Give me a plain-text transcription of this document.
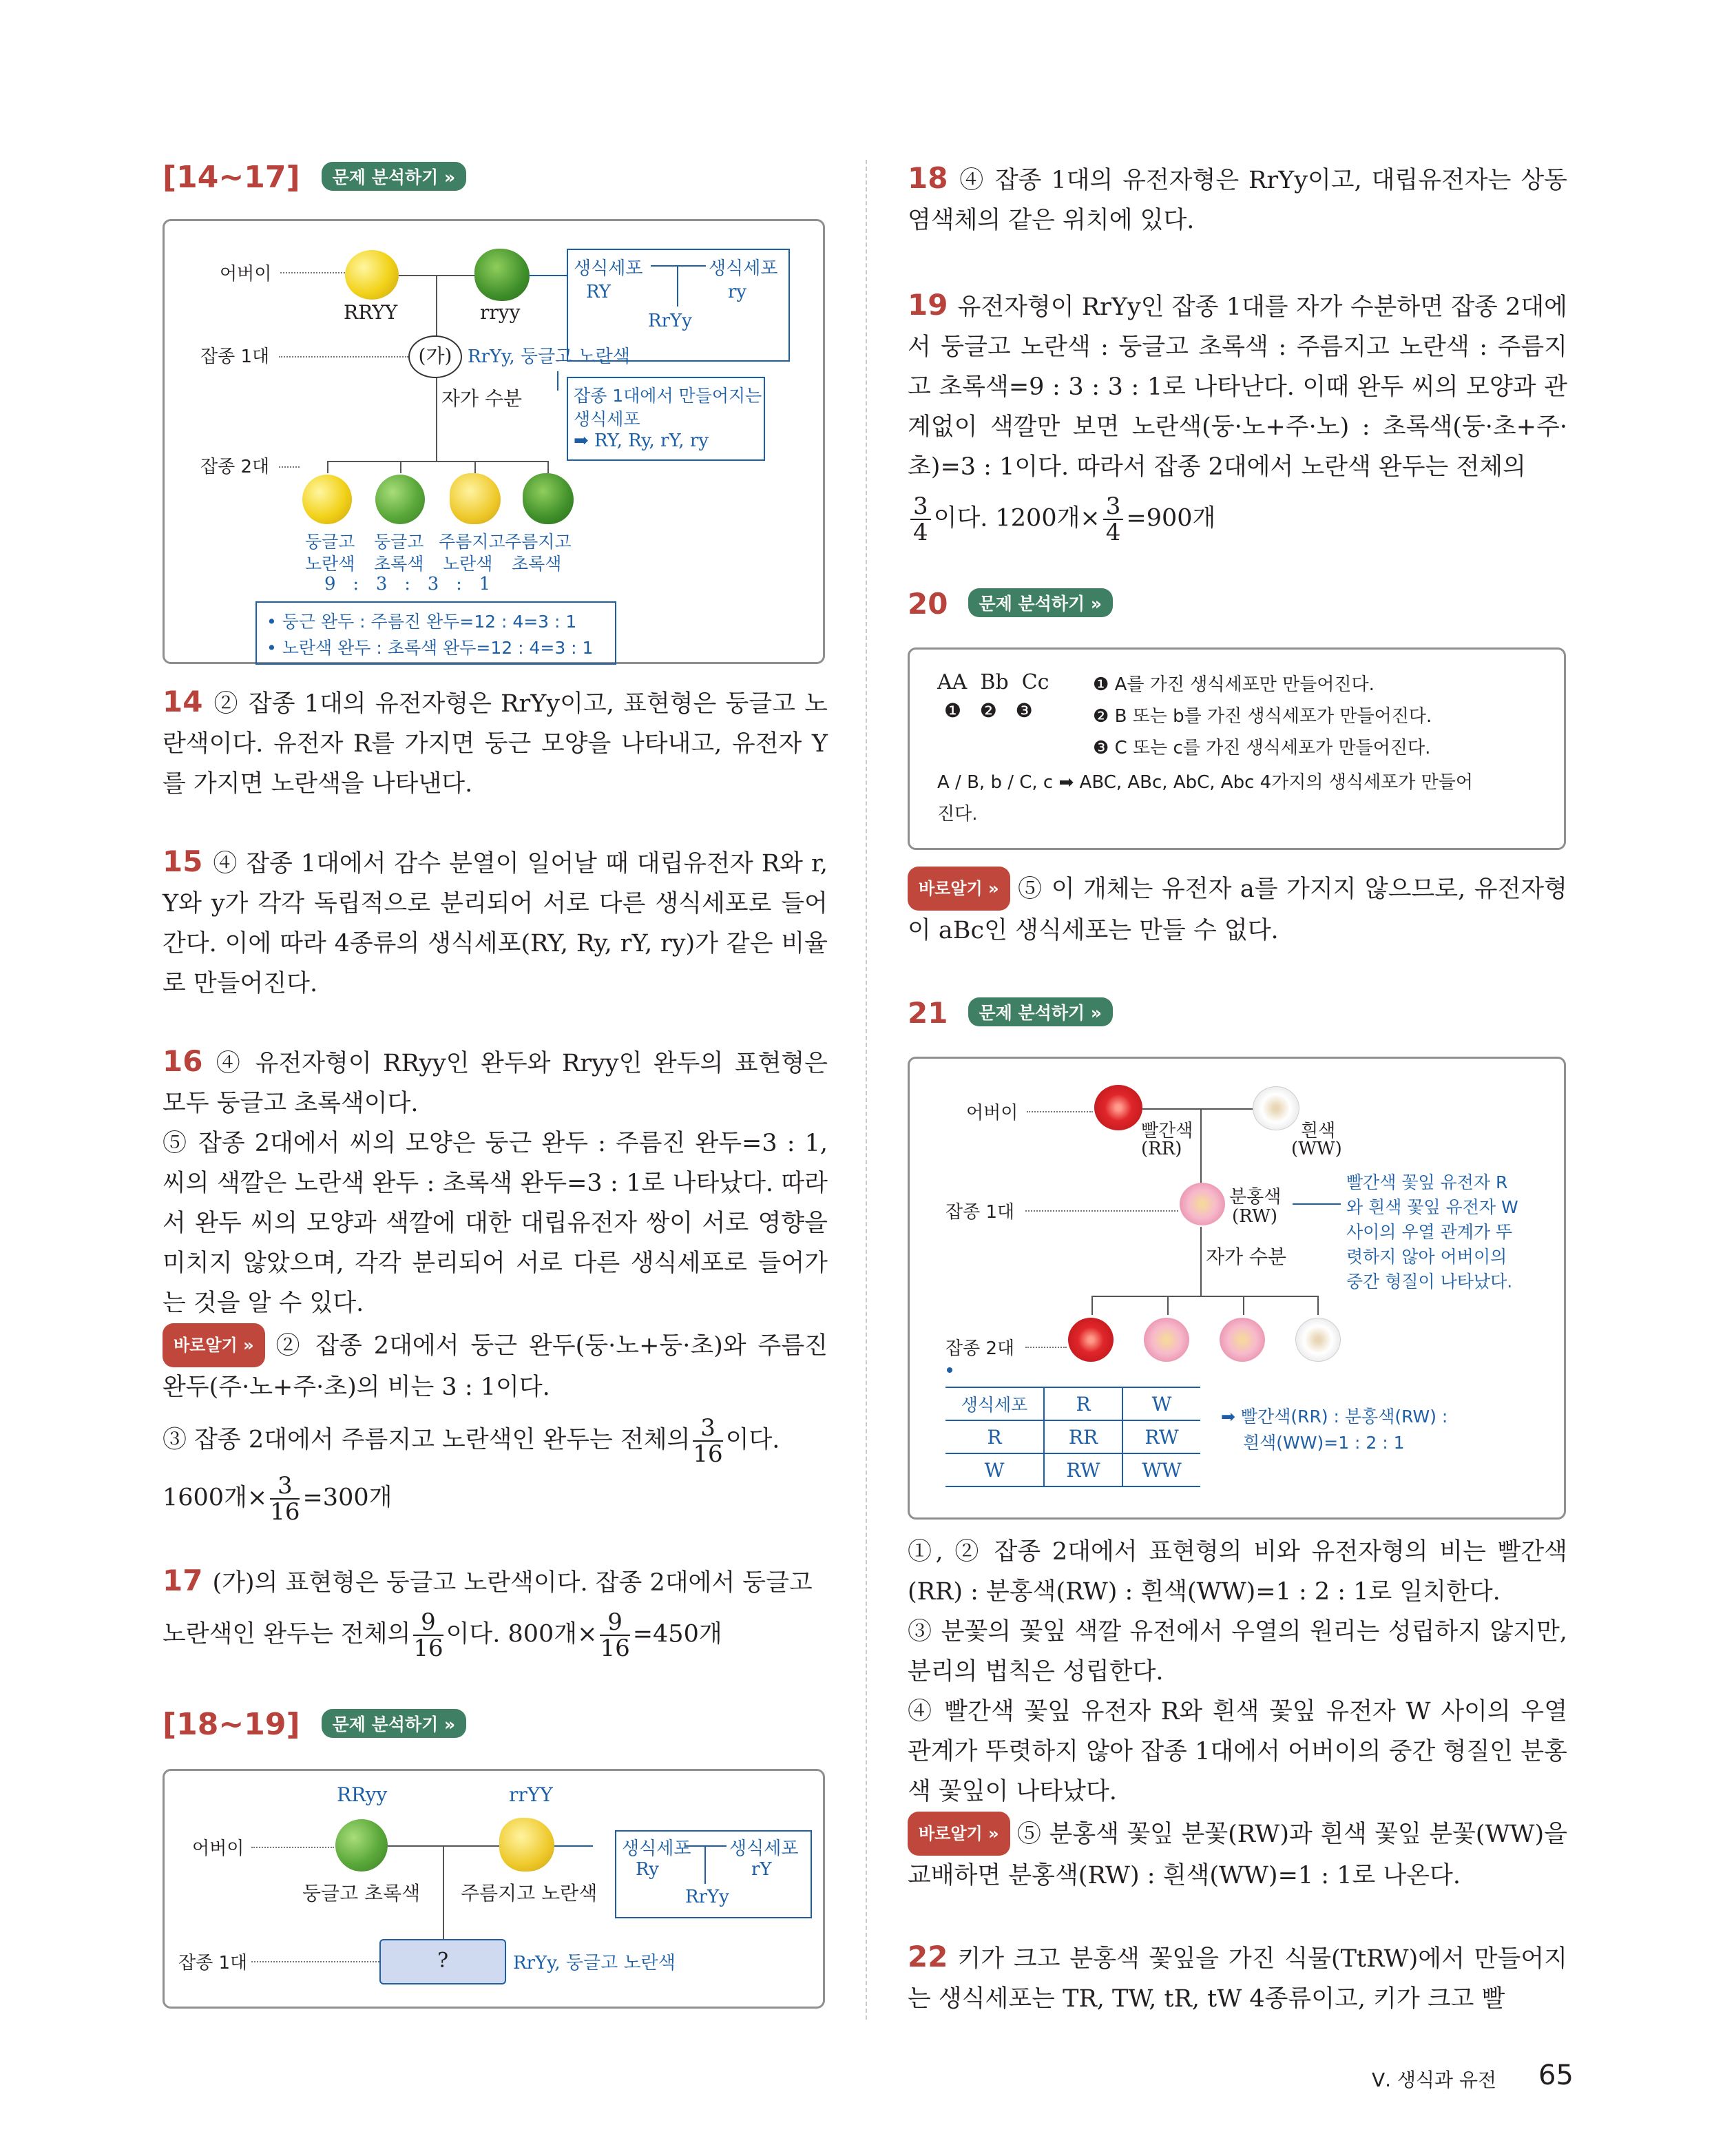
[14~17] 문제 분석하기 »
어버이
RRYY	rryy
생식세포	생식세포
RY	ry
RrYy
잡종 1대	(가) RrYy, 둥글고 노란색
자가 수분	잡종 1대에서 만들어지는
생식세포
➡ RY, Ry, rY, ry
잡종 2대
둥글고
노란색
둥글고
초록색
주름지고
노란색
주름지고
초록색
9   :   3   :   3   :   1
• 둥근 완두 : 주름진 완두=12 : 4=3 : 1
• 노란색 완두 : 초록색 완두=12 : 4=3 : 1
14 ② 잡종 1대의 유전자형은 RrYy이고, 표현형은 둥글고 노란색이다. 유전자 R를 가지면 둥근 모양을 나타내고, 유전자 Y를 가지면 노란색을 나타낸다.
15 ④ 잡종 1대에서 감수 분열이 일어날 때 대립유전자 R와 r, Y와 y가 각각 독립적으로 분리되어 서로 다른 생식세포로 들어간다. 이에 따라 4종류의 생식세포(RY, Ry, rY, ry)가 같은 비율로 만들어진다.
16 ④ 유전자형이 RRyy인 완두와 Rryy인 완두의 표현형은 모두 둥글고 초록색이다.
⑤ 잡종 2대에서 씨의 모양은 둥근 완두 : 주름진 완두=3 : 1, 씨의 색깔은 노란색 완두 : 초록색 완두=3 : 1로 나타났다. 따라서 완두 씨의 모양과 색깔에 대한 대립유전자 쌍이 서로 영향을 미치지 않았으며, 각각 분리되어 서로 다른 생식세포로 들어가는 것을 알 수 있다.
바로알기 » ② 잡종 2대에서 둥근 완두(둥·노+둥·초)와 주름진 완두(주·노+주·초)의 비는 3 : 1이다.
③ 잡종 2대에서 주름지고 노란색인 완두는 전체의 $\frac{3}{16}$ 이다.
1600개× $\frac{3}{16} =300$개
17 (가)의 표현형은 둥글고 노란색이다. 잡종 2대에서 둥글고
노란색인 완두는 전체의 $\frac{9}{16}$ 이다. 800개× $\frac{9}{16} =450$개
[18~19] 문제 분석하기 »
RRyy	rrYY
어버이
둥글고 초록색 주름지고 노란색
생식세포 생식세포
Ry	rY
RrYy
잡종 1대	?	RrYy, 둥글고 노란색
18 ④ 잡종 1대의 유전자형은 RrYy이고, 대립유전자는 상동 염색체의 같은 위치에 있다.
19 유전자형이 RrYy인 잡종 1대를 자가 수분하면 잡종 2대에서 둥글고 노란색 : 둥글고 초록색 : 주름지고 노란색 : 주름지고 초록색=9 : 3 : 3 : 1로 나타난다. 이때 완두 씨의 모양과 관계없이 색깔만 보면 노란색(둥·노+주·노) : 초록색(둥·초+주·초)=3 : 1이다. 따라서 잡종 2대에서 노란색 완두는 전체의
$\frac{3}{4}$ 이다. 1200개× $\frac{3}{4} =900$개
20 문제 분석하기 »
AA  Bb  Cc
❶   ❷   ❸
❶ A를 가진 생식세포만 만들어진다.
❷ B 또는 b를 가진 생식세포가 만들어진다.
❸ C 또는 c를 가진 생식세포가 만들어진다.
A / B, b / C, c ➡ ABC, ABc, AbC, Abc 4가지의 생식세포가 만들어
진다.
바로알기 » ⑤ 이 개체는 유전자 a를 가지지 않으므로, 유전자형이 aBc인 생식세포는 만들 수 없다.
21 문제 분석하기 »
어버이
빨간색
(RR)
흰색
(WW)
잡종 1대
분홍색
(RW)
빨간색 꽃잎 유전자 R
와 흰색 꽃잎 유전자 W
사이의 우열 관계가 뚜
렷하지 않아 어버이의
중간 형질이 나타났다.
자가 수분
잡종 2대
생식세포	R	W
R	RR	RW
W	RW	WW
➡ 빨간색(RR) : 분홍색(RW) :
흰색(WW)=1 : 2 : 1
①, ② 잡종 2대에서 표현형의 비와 유전자형의 비는 빨간색(RR) : 분홍색(RW) : 흰색(WW)=1 : 2 : 1로 일치한다.
③ 분꽃의 꽃잎 색깔 유전에서 우열의 원리는 성립하지 않지만, 분리의 법칙은 성립한다.
④ 빨간색 꽃잎 유전자 R와 흰색 꽃잎 유전자 W 사이의 우열 관계가 뚜렷하지 않아 잡종 1대에서 어버이의 중간 형질인 분홍색 꽃잎이 나타났다.
바로알기 » ⑤ 분홍색 꽃잎 분꽃(RW)과 흰색 꽃잎 분꽃(WW)을 교배하면 분홍색(RW) : 흰색(WW)=1 : 1로 나온다.
22 키가 크고 분홍색 꽃잎을 가진 식물(TtRW)에서 만들어지는 생식세포는 TR, TW, tR, tW 4종류이고, 키가 크고 빨
Ⅴ. 생식과 유전 65
